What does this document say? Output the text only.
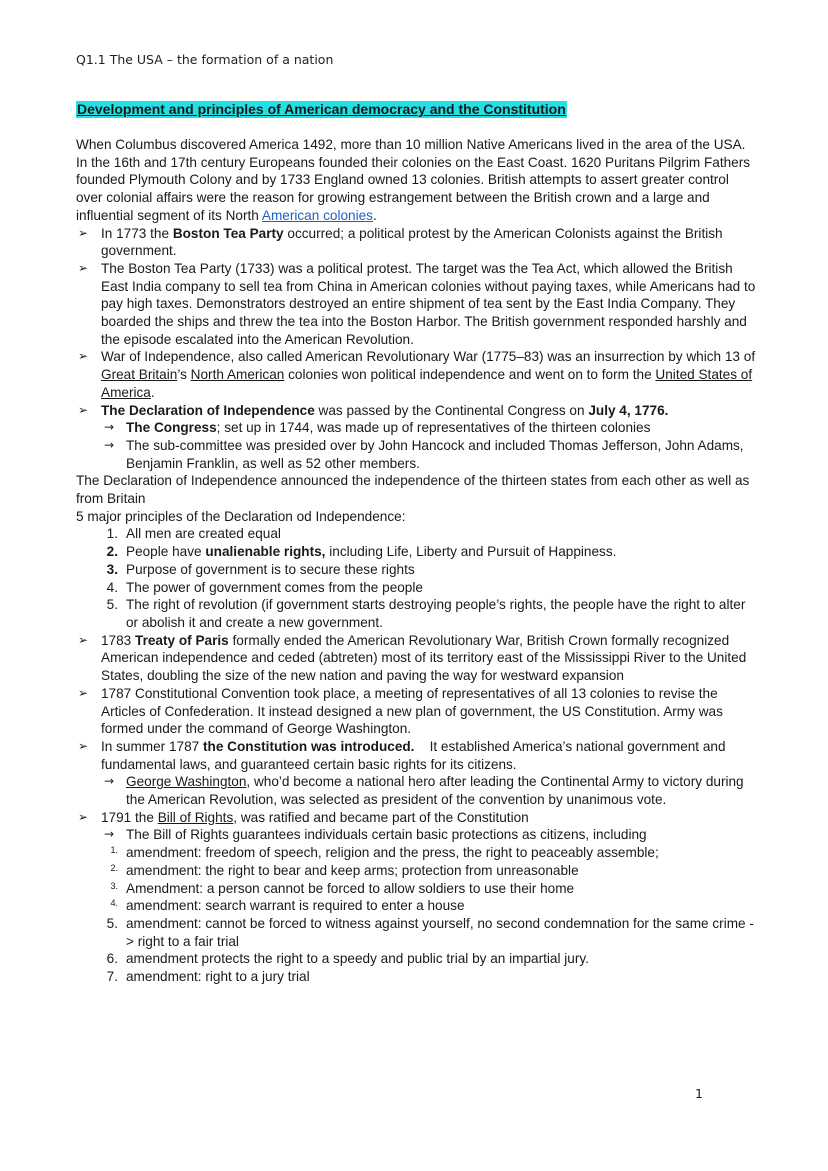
Q1.1 The USA – the formation of a nation
Development and principles of American democracy and the Constitution

When Columbus discovered America 1492, more than 10 million Native Americans lived in the area of the USA. In the 16th and 17th century Europeans founded their colonies on the East Coast. 1620 Puritans Pilgrim Fathers founded Plymouth Colony and by 1733 England owned 13 colonies. British attempts to assert greater control over colonial affairs were the reason for growing estrangement between the British crown and a large and influential segment of its North American colonies.

➢ In 1773 the Boston Tea Party occurred; a political protest by the American Colonists against the British government.

➢ The Boston Tea Party (1733) was a political protest. The target was the Tea Act, which allowed the British East India company to sell tea from China in American colonies without paying taxes, while Americans had to pay high taxes. Demonstrators destroyed an entire shipment of tea sent by the East India Company. They boarded the ships and threw the tea into the Boston Harbor. The British government responded harshly and the episode escalated into the American Revolution.

➢ War of Independence, also called American Revolutionary War (1775–83) was an insurrection by which 13 of Great Britain’s North American colonies won political independence and went on to form the United States of America.

➢ The Declaration of Independence was passed by the Continental Congress on July 4, 1776.

→ The Congress; set up in 1744, was made up of representatives of the thirteen colonies

→ The sub-committee was presided over by John Hancock and included Thomas Jefferson, John Adams, Benjamin Franklin, as well as 52 other members.

The Declaration of Independence announced the independence of the thirteen states from each other as well as from Britain

5 major principles of the Declaration od Independence:

1. All men are created equal

2. People have unalienable rights, including Life, Liberty and Pursuit of Happiness.

3. Purpose of government is to secure these rights

4. The power of government comes from the people

5. The right of revolution (if government starts destroying people’s rights, the people have the right to alter or abolish it and create a new government.

➢ 1783 Treaty of Paris formally ended the American Revolutionary War, British Crown formally recognized American independence and ceded (abtreten) most of its territory east of the Mississippi River to the United States, doubling the size of the new nation and paving the way for westward expansion

➢ 1787 Constitutional Convention took place, a meeting of representatives of all 13 colonies to revise the Articles of Confederation. It instead designed a new plan of government, the US Constitution. Army was formed under the command of George Washington.

➢ In summer 1787 the Constitution was introduced.    It established America’s national government and fundamental laws, and guaranteed certain basic rights for its citizens.

→ George Washington, who’d become a national hero after leading the Continental Army to victory during the American Revolution, was selected as president of the convention by unanimous vote.

➢ 1791 the Bill of Rights, was ratified and became part of the Constitution

→ The Bill of Rights guarantees individuals certain basic protections as citizens, including

1. amendment: freedom of speech, religion and the press, the right to peaceably assemble;

2. amendment: the right to bear and keep arms; protection from unreasonable

3. Amendment: a person cannot be forced to allow soldiers to use their home

4. amendment: search warrant is required to enter a house

5. amendment: cannot be forced to witness against yourself, no second condemnation for the same crime -> right to a fair trial

6. amendment protects the right to a speedy and public trial by an impartial jury.

7. amendment: right to a jury trial

1
